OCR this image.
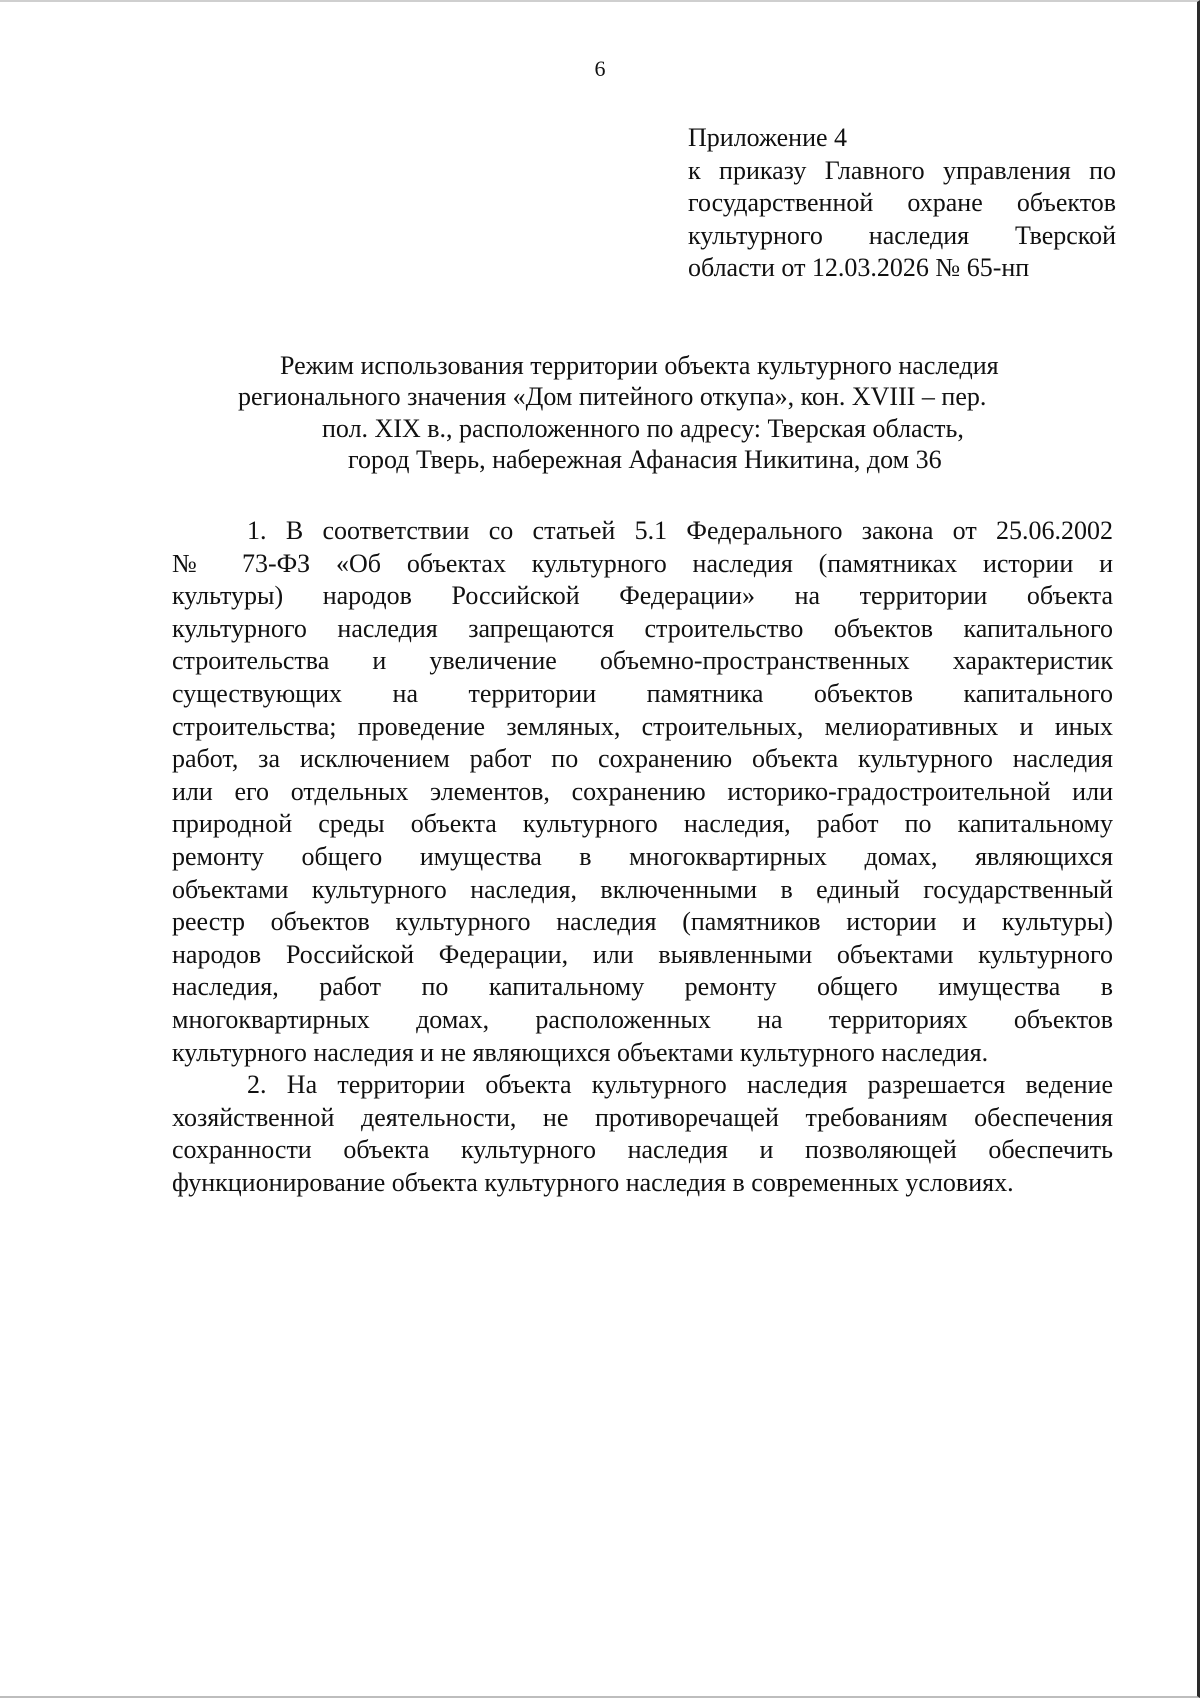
6
Приложение 4
к приказу Главного управления по
государственной охране объектов
культурного наследия Тверской
области от 12.03.2026 № 65-нп
Режим использования территории объекта культурного наследия
регионального значения «Дом питейного откупа», кон. XVIII – пер.
пол. XIX в., расположенного по адресу: Тверская область,
город Тверь, набережная Афанасия Никитина, дом 36
1. В соответствии со статьей 5.1 Федерального закона от 25.06.2002
№ 73-ФЗ «Об объектах культурного наследия (памятниках истории и
культуры) народов Российской Федерации» на территории объекта
культурного наследия запрещаются строительство объектов капитального
строительства и увеличение объемно-пространственных характеристик
существующих на территории памятника объектов капитального
строительства; проведение земляных, строительных, мелиоративных и иных
работ, за исключением работ по сохранению объекта культурного наследия
или его отдельных элементов, сохранению историко-градостроительной или
природной среды объекта культурного наследия, работ по капитальному
ремонту общего имущества в многоквартирных домах, являющихся
объектами культурного наследия, включенными в единый государственный
реестр объектов культурного наследия (памятников истории и культуры)
народов Российской Федерации, или выявленными объектами культурного
наследия, работ по капитальному ремонту общего имущества в
многоквартирных домах, расположенных на территориях объектов
культурного наследия и не являющихся объектами культурного наследия.
2. На территории объекта культурного наследия разрешается ведение
хозяйственной деятельности, не противоречащей требованиям обеспечения
сохранности объекта культурного наследия и позволяющей обеспечить
функционирование объекта культурного наследия в современных условиях.
